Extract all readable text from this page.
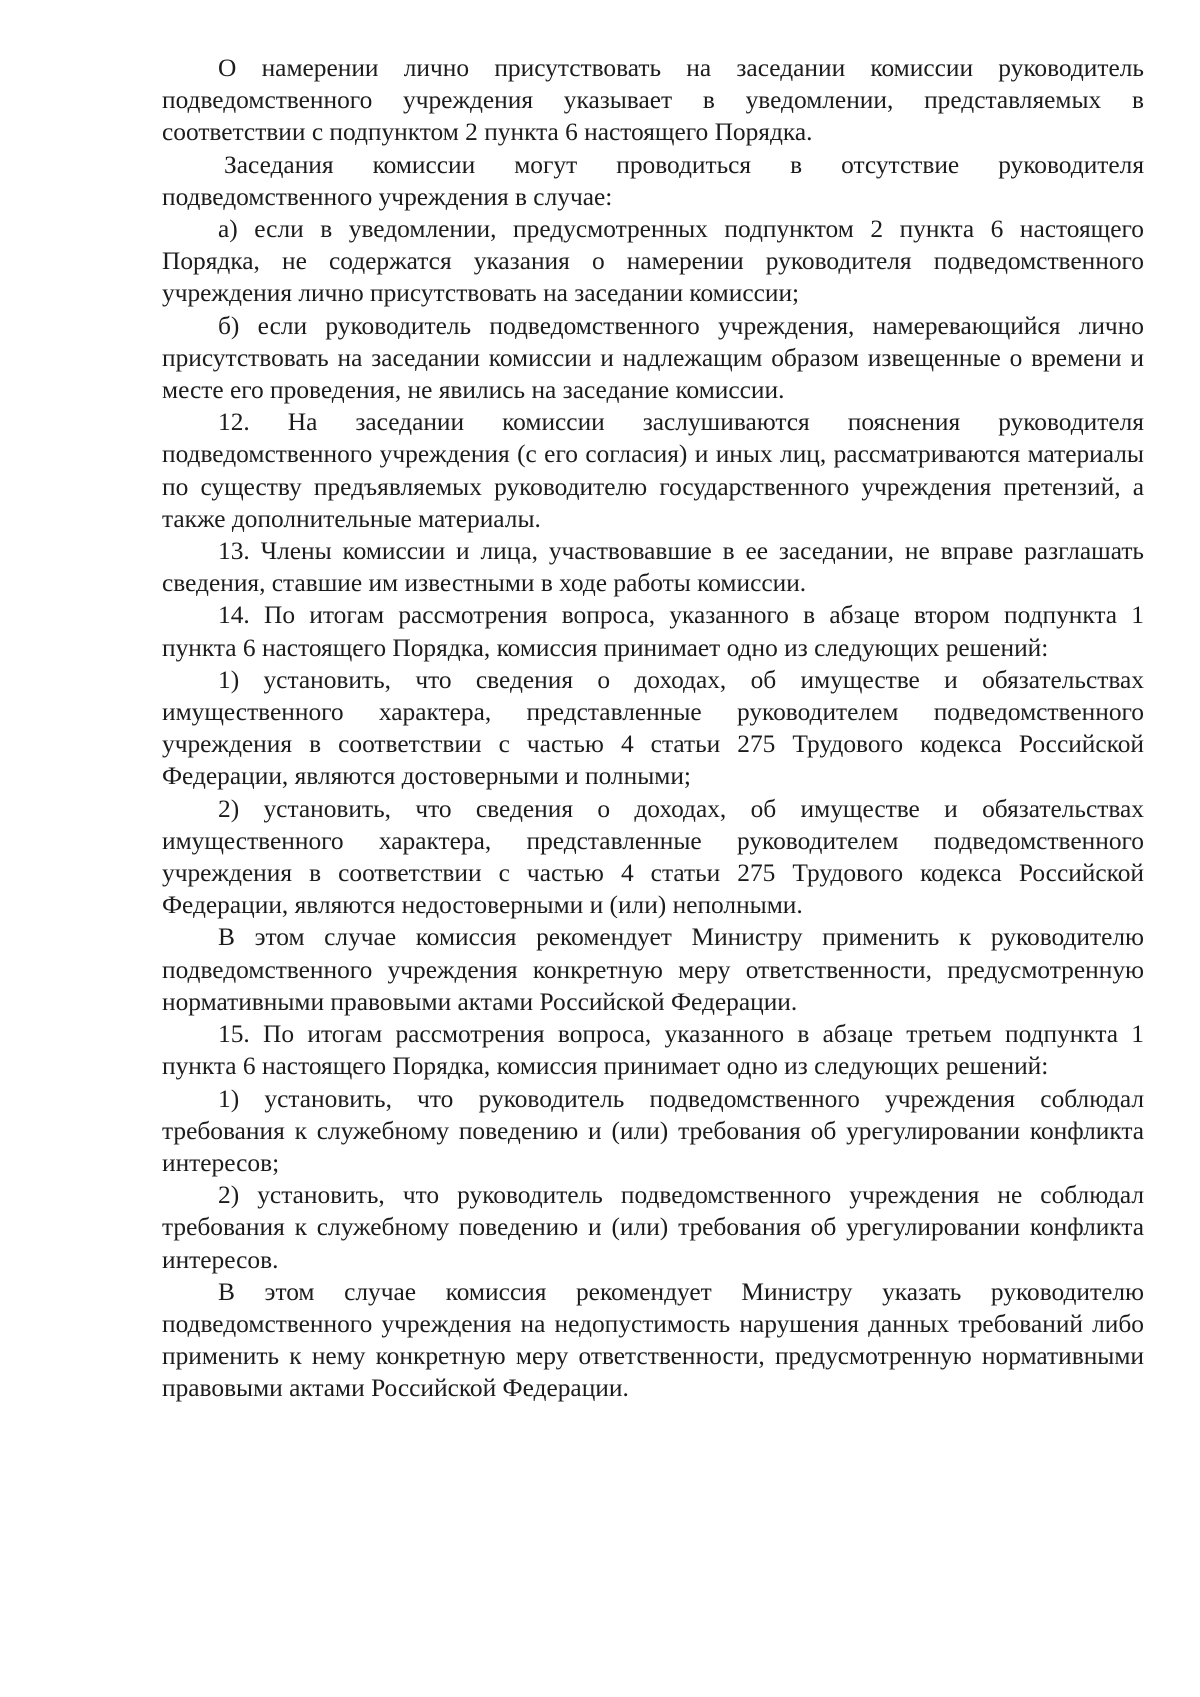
О намерении лично присутствовать на заседании комиссии руководитель подведомственного учреждения указывает в уведомлении, представляемых в соответствии с подпунктом 2 пункта 6 настоящего Порядка.

Заседания комиссии могут проводиться в отсутствие руководителя подведомственного учреждения в случае:

а) если в уведомлении, предусмотренных подпунктом 2 пункта 6 настоящего Порядка, не содержатся указания о намерении руководителя подведомственного учреждения лично присутствовать на заседании комиссии;

б) если руководитель подведомственного учреждения, намеревающийся лично присутствовать на заседании комиссии и надлежащим образом извещенные о времени и месте его проведения, не явились на заседание комиссии.

12. На заседании комиссии заслушиваются пояснения руководителя подведомственного учреждения (с его согласия) и иных лиц, рассматриваются материалы по существу предъявляемых руководителю государственного учреждения претензий, а также дополнительные материалы.

13. Члены комиссии и лица, участвовавшие в ее заседании, не вправе разглашать сведения, ставшие им известными в ходе работы комиссии.

14. По итогам рассмотрения вопроса, указанного в абзаце втором подпункта 1 пункта 6 настоящего Порядка, комиссия принимает одно из следующих решений:

1) установить, что сведения о доходах, об имуществе и обязательствах имущественного характера, представленные руководителем подведомственного учреждения в соответствии с частью 4 статьи 275 Трудового кодекса Российской Федерации, являются достоверными и полными;

2) установить, что сведения о доходах, об имуществе и обязательствах имущественного характера, представленные руководителем подведомственного учреждения в соответствии с частью 4 статьи 275 Трудового кодекса Российской Федерации, являются недостоверными и (или) неполными.

В этом случае комиссия рекомендует Министру применить к руководителю подведомственного учреждения конкретную меру ответственности, предусмотренную нормативными правовыми актами Российской Федерации.

15. По итогам рассмотрения вопроса, указанного в абзаце третьем подпункта 1 пункта 6 настоящего Порядка, комиссия принимает одно из следующих решений:

1) установить, что руководитель подведомственного учреждения соблюдал требования к служебному поведению и (или) требования об урегулировании конфликта интересов;

2) установить, что руководитель подведомственного учреждения не соблюдал требования к служебному поведению и (или) требования об урегулировании конфликта интересов.

В этом случае комиссия рекомендует Министру указать руководителю подведомственного учреждения на недопустимость нарушения данных требований либо применить к нему конкретную меру ответственности, предусмотренную нормативными правовыми актами Российской Федерации.
